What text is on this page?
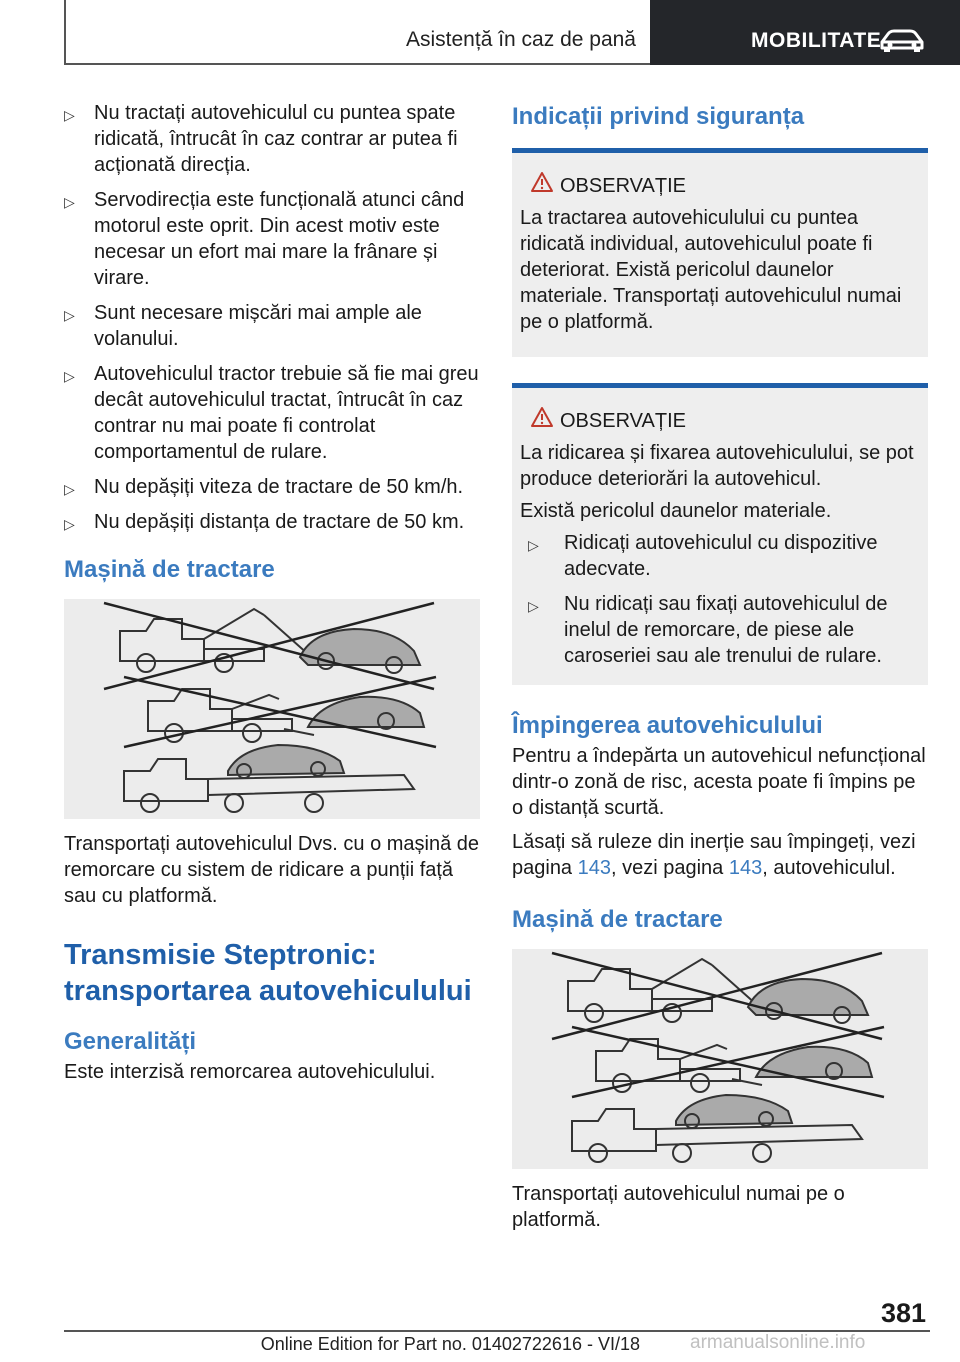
Asistență în caz de pană	MOBILITATE
▷ Nu tractați autovehiculul cu puntea spate ridicată, întrucât în caz contrar ar putea fi acționată direcția.
▷ Servodirecția este funcțională atunci când motorul este oprit. Din acest motiv este necesar un efort mai mare la frânare și virare.
▷ Sunt necesare mișcări mai ample ale volanului.
▷ Autovehiculul tractor trebuie să fie mai greu decât autovehiculul tractat, întrucât în caz contrar nu mai poate fi controlat comportamentul de rulare.
▷ Nu depășiți viteza de tractare de 50 km/h.
▷ Nu depășiți distanța de tractare de 50 km.
Mașină de tractare

Transportați autovehiculul Dvs. cu o mașină de remorcare cu sistem de ridicare a punții față sau cu platformă.

Transmisie Steptronic: transportarea autovehiculului
Generalități

Este interzisă remorcarea autovehiculului.

Indicații privind siguranța
OBSERVAȚIE

La tractarea autovehiculului cu puntea ridicată individual, autovehiculul poate fi deteriorat. Există pericolul daunelor materiale. Transportați autovehiculul numai pe o platformă.

OBSERVAȚIE

La ridicarea și fixarea autovehiculului, se pot produce deteriorări la autovehicul.

Există pericolul daunelor materiale.

▷ Ridicați autovehiculul cu dispozitive adecvate.
▷ Nu ridicați sau fixați autovehiculul de inelul de remorcare, de piese ale caroseriei sau ale trenului de rulare.
Împingerea autovehiculului

Pentru a îndepărta un autovehicul nefuncțional dintr-o zonă de risc, acesta poate fi împins pe o distanță scurtă.

Lăsați să ruleze din inerție sau împingeți, vezi pagina 143, vezi pagina 143, autovehiculul.

Mașină de tractare

Transportați autovehiculul numai pe o platformă.

381
Online Edition for Part no. 01402722616 - VI/18	armanualsonline.info
